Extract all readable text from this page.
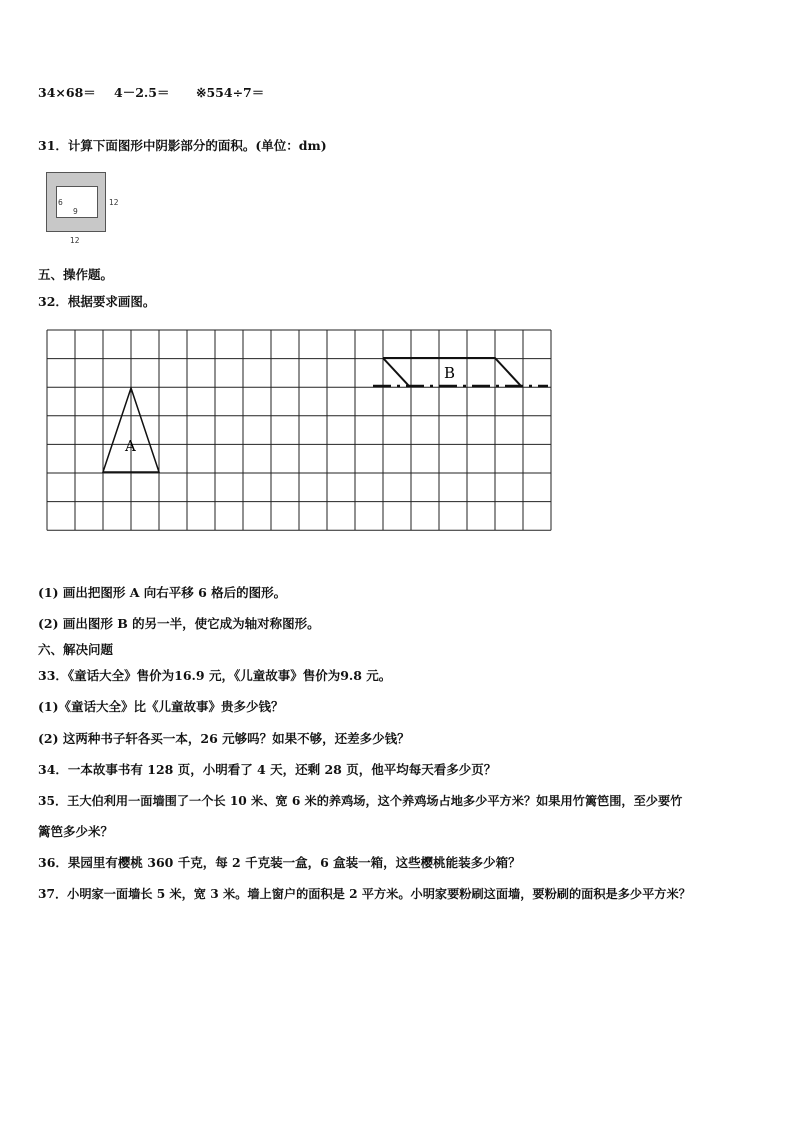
34×68＝ 4－2.5＝ ※554÷7＝
31．计算下面图形中阴影部分的面积。(单位：dm)
6
9
12
12
五、操作题。
32．根据要求画图。
A
B
(1) 画出把图形 A 向右平移 6 格后的图形。
(2) 画出图形 B 的另一半，使它成为轴对称图形。
六、解决问题
33．《童话大全》售价为16.9 元，《儿童故事》售价为9.8 元。
(1)《童话大全》比《儿童故事》贵多少钱？
(2) 这两种书子轩各买一本，26 元够吗？如果不够，还差多少钱？
34．一本故事书有 128 页，小明看了 4 天，还剩 28 页，他平均每天看多少页？
35．王大伯利用一面墙围了一个长 10 米、宽 6 米的养鸡场，这个养鸡场占地多少平方米？如果用竹篱笆围，至少要竹
篱笆多少米？
36．果园里有樱桃 360 千克，每 2 千克装一盒，6 盒装一箱，这些樱桃能装多少箱？
37．小明家一面墙长 5 米，宽 3 米。墙上窗户的面积是 2 平方米。小明家要粉刷这面墙，要粉刷的面积是多少平方米？
